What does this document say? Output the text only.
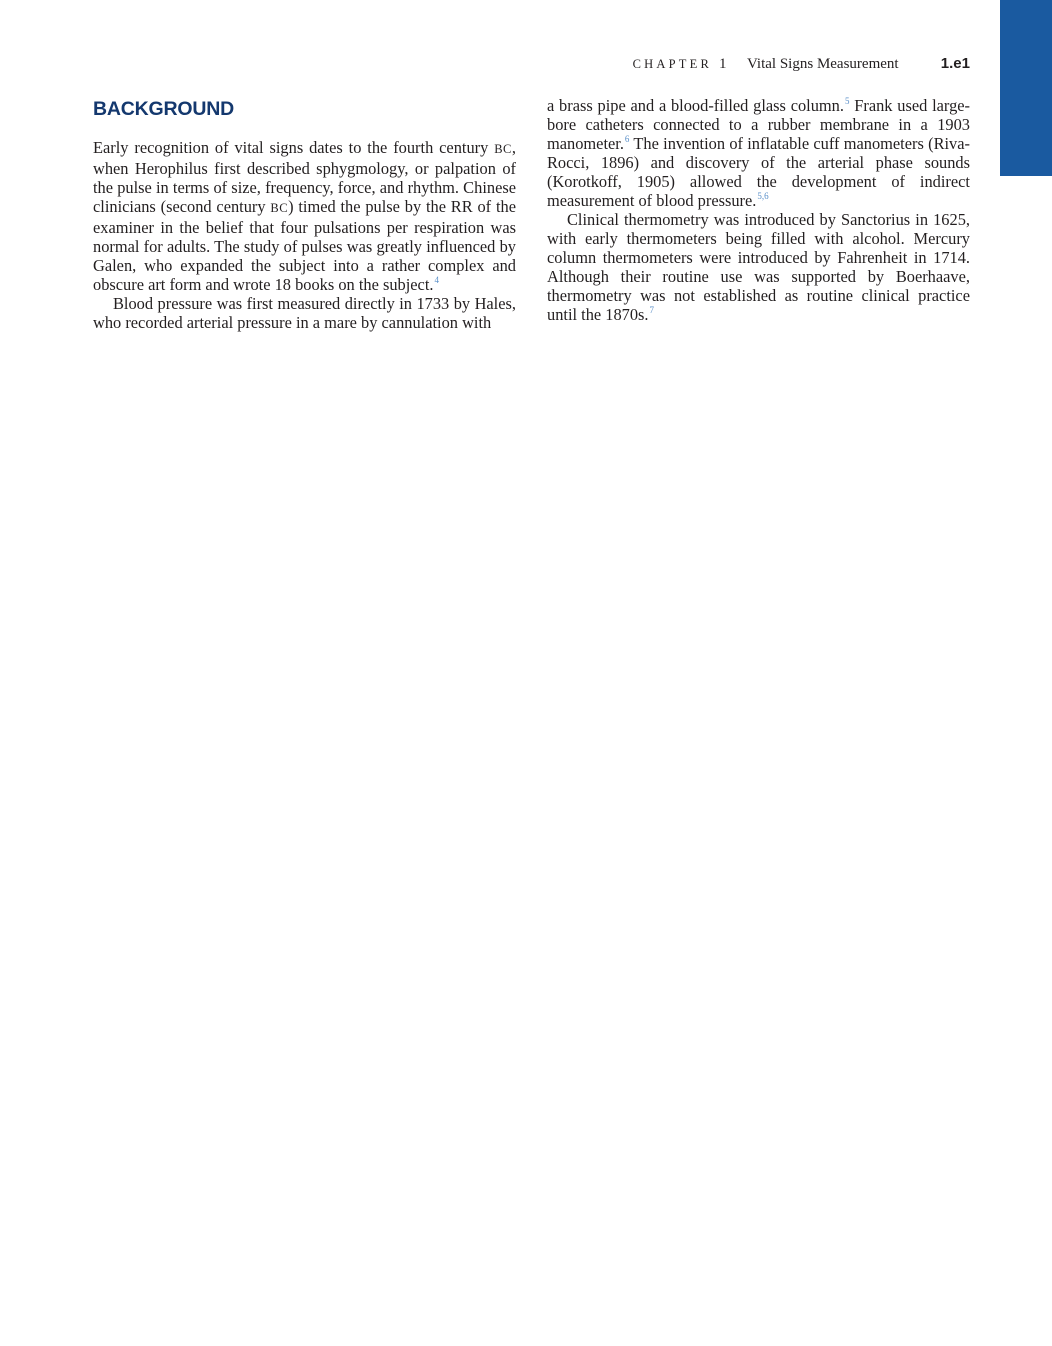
CHAPTER 1 Vital Signs Measurement	1.e1
BACKGROUND

Early recognition of vital signs dates to the fourth century BC, when Herophilus first described sphygmology, or palpation of the pulse in terms of size, frequency, force, and rhythm. Chinese clinicians (second century BC) timed the pulse by the RR of the examiner in the belief that four pulsations per respiration was normal for adults. The study of pulses was greatly influenced by Galen, who expanded the subject into a rather complex and obscure art form and wrote 18 books on the subject.$^4$

Blood pressure was first measured directly in 1733 by Hales, who recorded arterial pressure in a mare by cannulation with

a brass pipe and a blood-filled glass column.$^5$ Frank used large-bore catheters connected to a rubber membrane in a 1903 manometer.$^6$ The invention of inflatable cuff manometers (Riva-Rocci, 1896) and discovery of the arterial phase sounds (Korotkoff, 1905) allowed the development of indirect measurement of blood pressure.$^{5,6}$

Clinical thermometry was introduced by Sanctorius in 1625, with early thermometers being filled with alcohol. Mercury column thermometers were introduced by Fahrenheit in 1714. Although their routine use was supported by Boerhaave, thermometry was not established as routine clinical practice until the 1870s.$^7$
